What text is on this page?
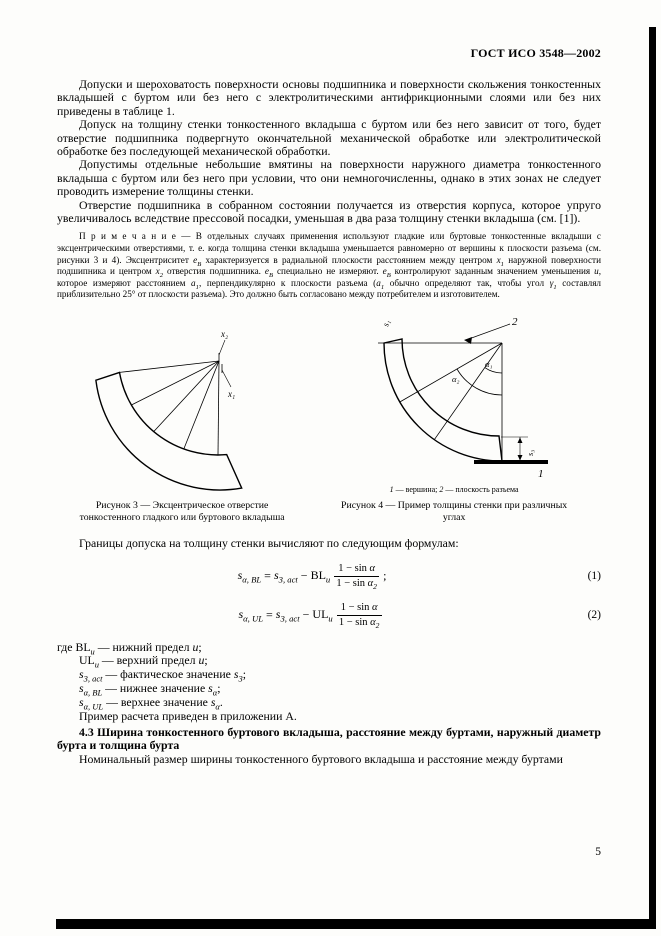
ГОСТ ИСО 3548—2002

Допуски и шероховатость поверхности основы подшипника и поверхности скольжения тонкостенных вкладышей с буртом или без него с электролитическими антифрикционными слоями или без них приведены в таблице 1.

Допуск на толщину стенки тонкостенного вкладыша с буртом или без него зависит от того, будет отверстие подшипника подвергнуто окончательной механической обработке или электролитической обработке без последующей механической обработки.

Допустимы отдельные небольшие вмятины на поверхности наружного диаметра тонкостенного вкладыша с буртом или без него при условии, что они немногочисленны, однако в этих зонах не следует проводить измерение толщины стенки.

Отверстие подшипника в собранном состоянии получается из отверстия корпуса, которое упруго увеличивалось вследствие прессовой посадки, уменьшая в два раза толщину стенки вкладыша (см. [1]).

П р и м е ч а н и е — В отдельных случаях применения используют гладкие или буртовые тонкостенные вкладыши с эксцентрическими отверстиями, т. е. когда толщина стенки вкладыша уменьшается равномерно от вершины к плоскости разъема (см. рисунки 3 и 4). Эксцентриситет $e_В$ характеризуется в радиальной плоскости расстоянием между центром $x_1$ наружной поверхности подшипника и центром $x_2$ отверстия подшипника. $e_В$ специально не измеряют. $e_В$ контролируют заданным значением уменьшения u, которое измеряют расстоянием $a_1$, перпендикулярно к плоскости разъема ($a_1$ обычно определяют так, чтобы угол $\gamma_1$ составлял приблизительно 25° от плоскости разъема). Это должно быть согласовано между потребителем и изготовителем.

x₂
x₁
2
1
α₁
α₂
s₁
s₃
1 — вершина; 2 — плоскость разъема
Рисунок 3 — Эксцентрическое отверстие тонкостенного гладкого или буртового вкладыша
Рисунок 4 — Пример толщины стенки при различных углах

Границы допуска на толщину стенки вычисляют по следующим формулам:

$s_{\alpha, BL} = s_{3, act} - BL_u \frac{\text{1 − sin α}}{1 - \sin \alpha_2}$ ;	(1)
$s_{\alpha, UL} = s_{3, act} - UL_u \frac{\text{1 − sin α}}{1 - \sin \alpha_2}$	(2)

где $BL_u$ — нижний предел u;

$UL_u$ — верхний предел u;

$s_{3, act}$ — фактическое значение $s_3$;

$s_{\alpha, BL}$ — нижнее значение $s_\alpha$;

$s_{\alpha, UL}$ — верхнее значение $s_\alpha$.

Пример расчета приведен в приложении А.

4.3 Ширина тонкостенного буртового вкладыша, расстояние между буртами, наружный диаметр бурта и толщина бурта

Номинальный размер ширины тонкостенного буртового вкладыша и расстояние между буртами

5
